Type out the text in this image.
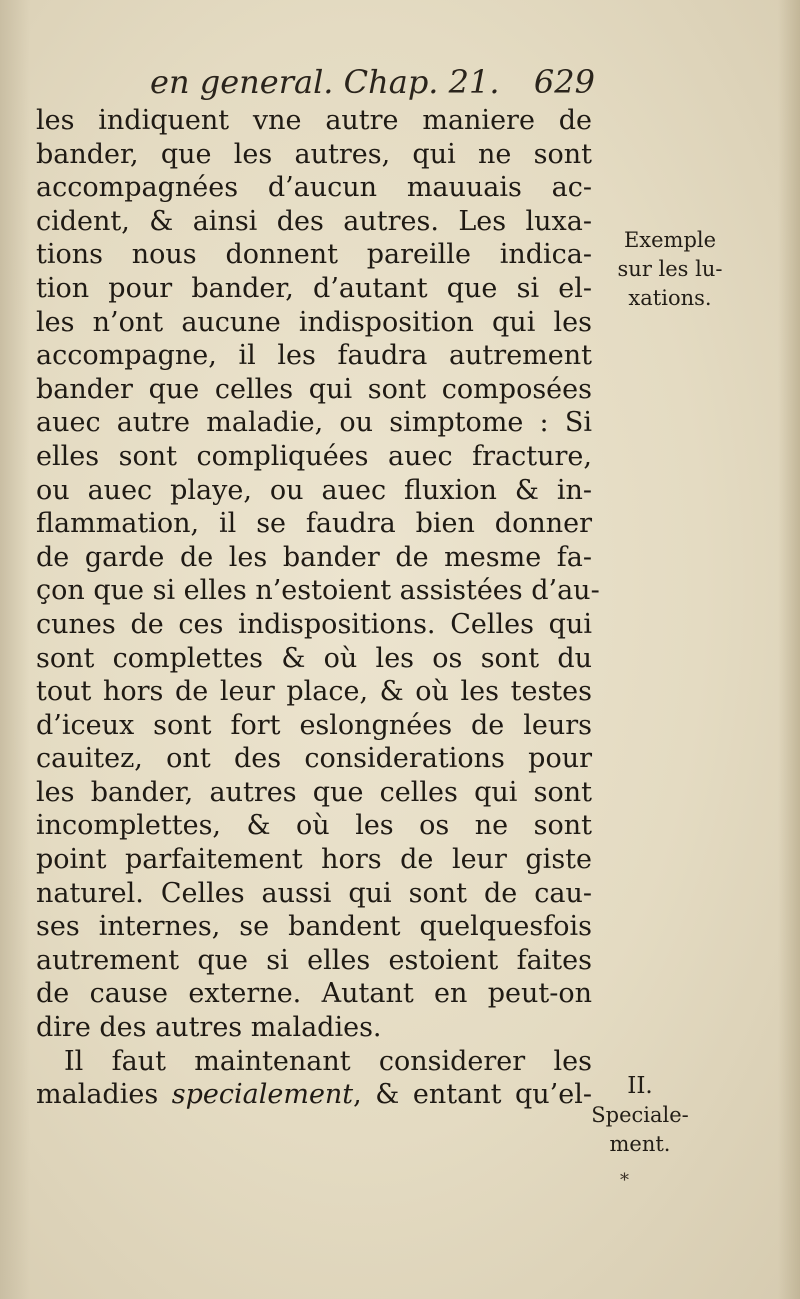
en general. Chap. 21. 629
les indiquent vne autre maniere de
bander, que les autres, qui ne sont
accompagnées d’aucun mauuais ac-
cident, & ainsi des autres. Les luxa-
tions nous donnent pareille indica-
tion pour bander, d’autant que si el-
les n’ont aucune indisposition qui les
accompagne, il les faudra autrement
bander que celles qui sont composées
auec autre maladie, ou simptome : Si
elles sont compliquées auec fracture,
ou auec playe, ou auec fluxion & in-
flammation, il se faudra bien donner
de garde de les bander de mesme fa-
çon que si elles n’estoient assistées d’au-
cunes de ces indispositions. Celles qui
sont complettes & où les os sont du
tout hors de leur place, & où les testes
d’iceux sont fort eslongnées de leurs
cauitez, ont des considerations pour
les bander, autres que celles qui sont
incomplettes, & où les os ne sont
point parfaitement hors de leur giste
naturel. Celles aussi qui sont de cau-
ses internes, se bandent quelquesfois
autrement que si elles estoient faites
de cause externe. Autant en peut-on
dire des autres maladies.
Il faut maintenant considerer les
maladies specialement, & entant qu’el-
Exemple
sur les lu-
xations.
II.
Speciale-
ment.
*
